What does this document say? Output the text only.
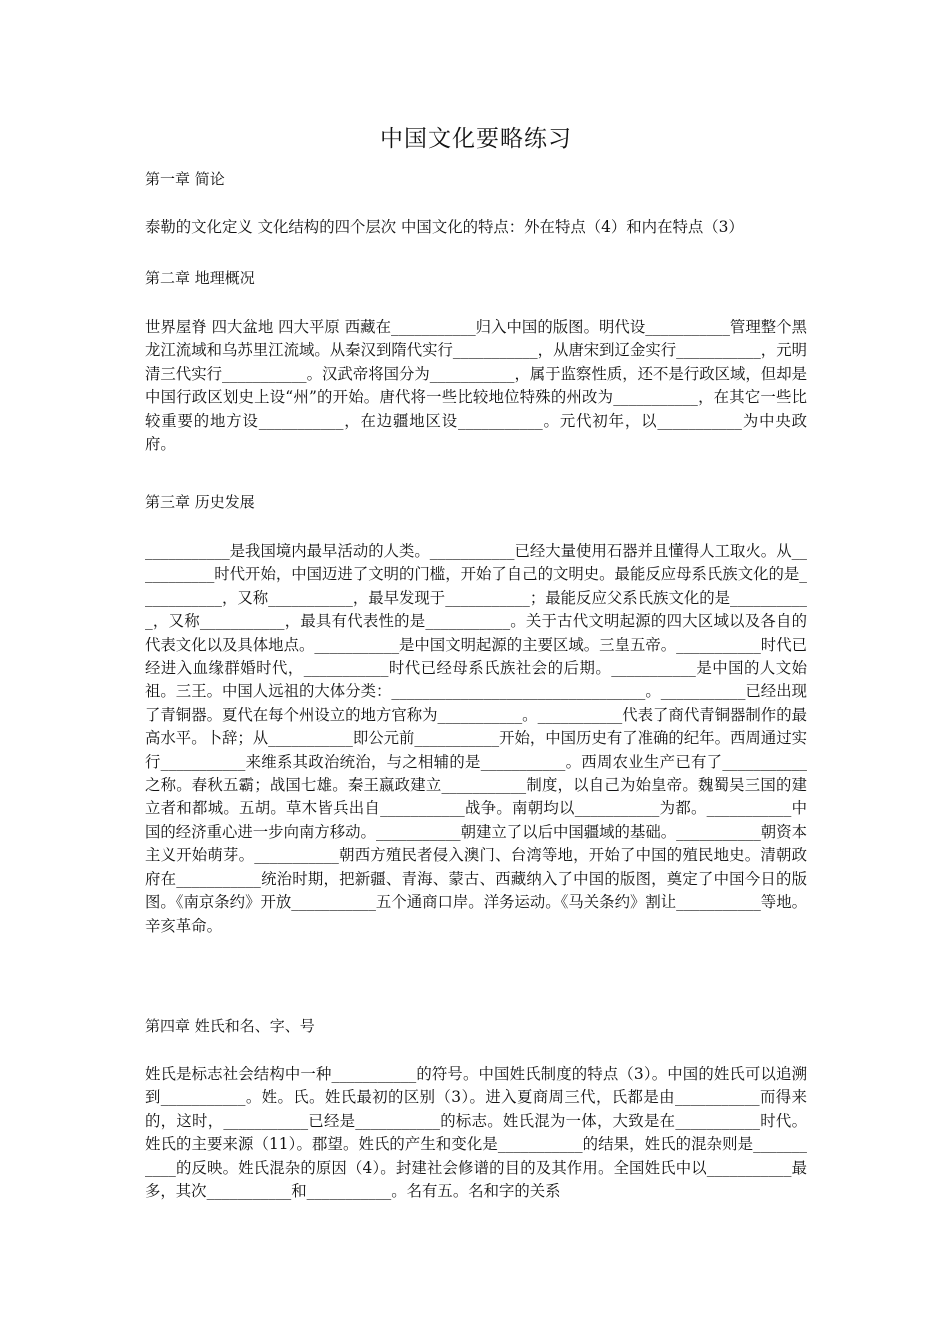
中国文化要略练习
第一章 简论
泰勒的文化定义 文化结构的四个层次 中国文化的特点：外在特点（4）和内在特点（3）
第二章 地理概况
世界屋脊 四大盆地 四大平原 西藏在___________归入中国的版图。明代设___________管理整个黑龙江流域和乌苏里江流域。从秦汉到隋代实行___________，从唐宋到辽金实行___________，元明清三代实行___________。汉武帝将国分为___________，属于监察性质，还不是行政区域，但却是中国行政区划史上设“州”的开始。唐代将一些比较地位特殊的州改为___________，在其它一些比较重要的地方设___________，在边疆地区设___________。元代初年，以___________为中央政府。
第三章 历史发展
___________是我国境内最早活动的人类。___________已经大量使用石器并且懂得人工取火。从___________时代开始，中国迈进了文明的门槛，开始了自己的文明史。最能反应母系氏族文化的是___________，又称___________，最早发现于___________；最能反应父系氏族文化的是___________，又称___________，最具有代表性的是___________。关于古代文明起源的四大区域以及各自的代表文化以及具体地点。___________是中国文明起源的主要区域。三皇五帝。___________时代已经进入血缘群婚时代，___________时代已经母系氏族社会的后期。___________是中国的人文始祖。三王。中国人远祖的大体分类：_________________________________。___________已经出现了青铜器。夏代在每个州设立的地方官称为___________。___________代表了商代青铜器制作的最高水平。卜辞；从___________即公元前___________开始，中国历史有了准确的纪年。西周通过实行___________来维系其政治统治，与之相辅的是___________。西周农业生产已有了___________之称。春秋五霸；战国七雄。秦王嬴政建立___________制度，以自己为始皇帝。魏蜀吴三国的建立者和都城。五胡。草木皆兵出自___________战争。南朝均以___________为都。___________中国的经济重心进一步向南方移动。___________朝建立了以后中国疆域的基础。___________朝资本主义开始萌芽。___________朝西方殖民者侵入澳门、台湾等地，开始了中国的殖民地史。清朝政府在___________统治时期，把新疆、青海、蒙古、西藏纳入了中国的版图，奠定了中国今日的版图。《南京条约》开放___________五个通商口岸。洋务运动。《马关条约》割让___________等地。辛亥革命。
第四章 姓氏和名、字、号
姓氏是标志社会结构中一种___________的符号。中国姓氏制度的特点（3）。中国的姓氏可以追溯到___________。姓。氏。姓氏最初的区别（3）。进入夏商周三代，氏都是由___________而得来的，这时，___________已经是___________的标志。姓氏混为一体，大致是在___________时代。姓氏的主要来源（11）。郡望。姓氏的产生和变化是___________的结果，姓氏的混杂则是___________的反映。姓氏混杂的原因（4）。封建社会修谱的目的及其作用。全国姓氏中以___________最多，其次___________和___________。名有五。名和字的关系
